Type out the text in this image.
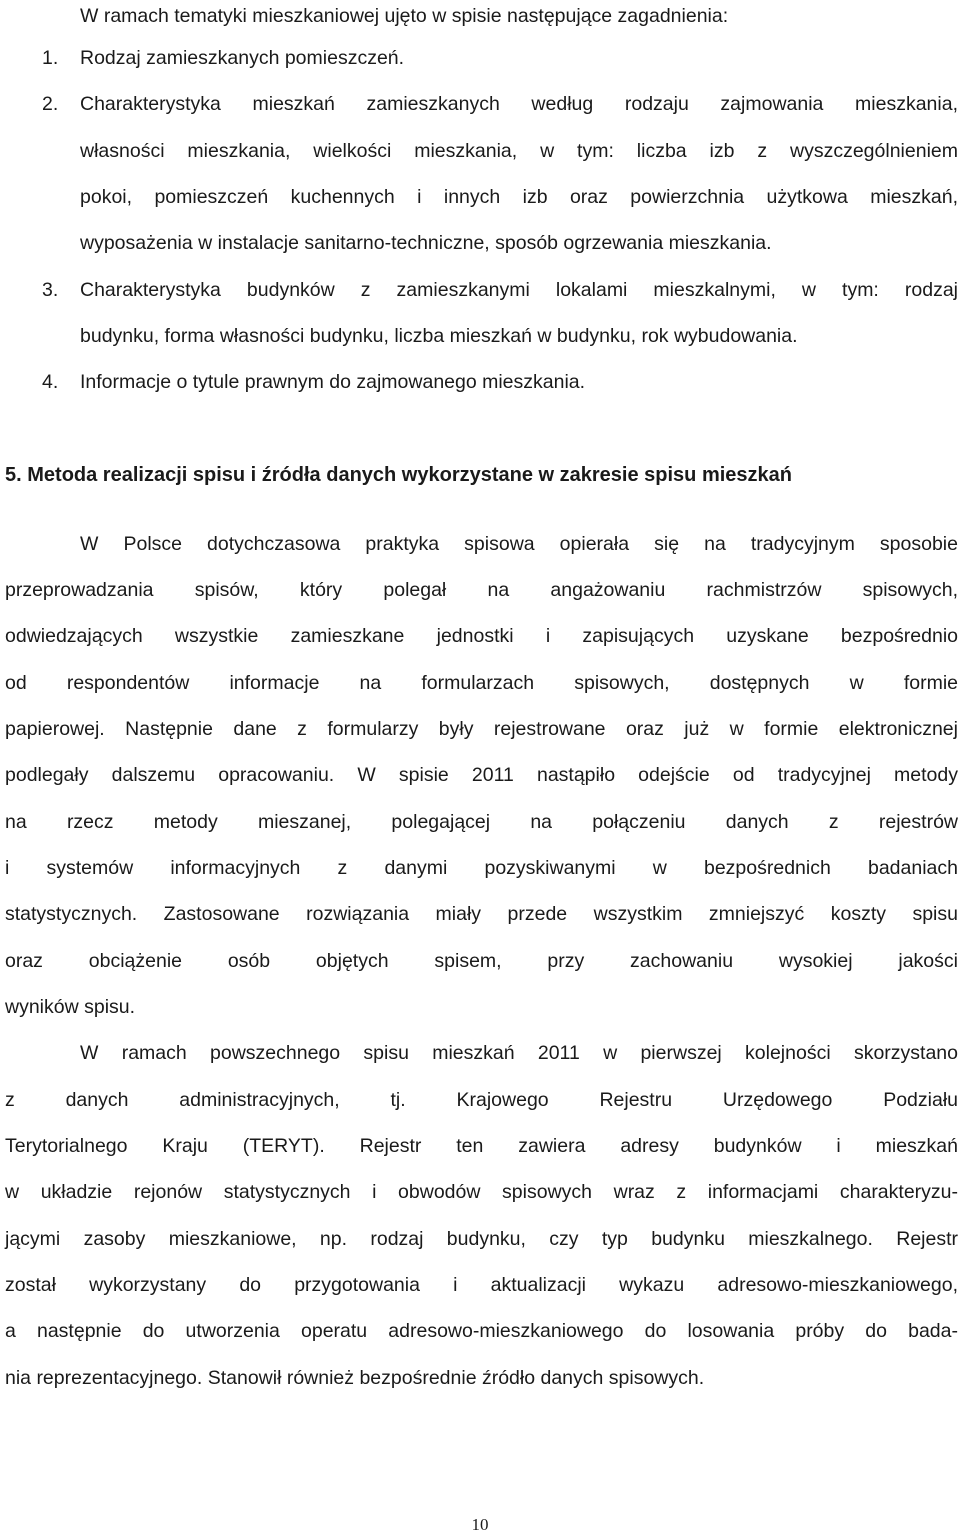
W ramach tematyki mieszkaniowej ujęto w spisie następujące zagadnienia:
1. Rodzaj zamieszkanych pomieszczeń.
2. Charakterystyka mieszkań zamieszkanych według rodzaju zajmowania mieszkania,
własności mieszkania, wielkości mieszkania, w tym: liczba izb z wyszczególnieniem
pokoi, pomieszczeń kuchennych i innych izb oraz powierzchnia użytkowa mieszkań,
wyposażenia w instalacje sanitarno-techniczne, sposób ogrzewania mieszkania.
3. Charakterystyka budynków z zamieszkanymi lokalami mieszkalnymi, w tym: rodzaj
budynku, forma własności budynku, liczba mieszkań w budynku, rok wybudowania.
4. Informacje o tytule prawnym do zajmowanego mieszkania.
5. Metoda realizacji spisu i źródła danych wykorzystane w zakresie spisu mieszkań
W Polsce dotychczasowa praktyka spisowa opierała się na tradycyjnym sposobie
przeprowadzania spisów, który polegał na angażowaniu rachmistrzów spisowych,
odwiedzających wszystkie zamieszkane jednostki i zapisujących uzyskane bezpośrednio
od respondentów informacje na formularzach spisowych, dostępnych w formie
papierowej. Następnie dane z formularzy były rejestrowane oraz już w formie elektronicznej
podlegały dalszemu opracowaniu. W spisie 2011 nastąpiło odejście od tradycyjnej metody
na rzecz metody mieszanej, polegającej na połączeniu danych z rejestrów
i systemów informacyjnych z danymi pozyskiwanymi w bezpośrednich badaniach
statystycznych. Zastosowane rozwiązania miały przede wszystkim zmniejszyć koszty spisu
oraz obciążenie osób objętych spisem, przy zachowaniu wysokiej jakości
wyników spisu.
W ramach powszechnego spisu mieszkań 2011 w pierwszej kolejności skorzystano
z danych administracyjnych, tj. Krajowego Rejestru Urzędowego Podziału
Terytorialnego Kraju (TERYT). Rejestr ten zawiera adresy budynków i mieszkań
w układzie rejonów statystycznych i obwodów spisowych wraz z informacjami charakteryzu-
jącymi zasoby mieszkaniowe, np. rodzaj budynku, czy typ budynku mieszkalnego. Rejestr
został wykorzystany do przygotowania i aktualizacji wykazu adresowo-mieszkaniowego,
a następnie do utworzenia operatu adresowo-mieszkaniowego do losowania próby do bada-
nia reprezentacyjnego. Stanowił również bezpośrednie źródło danych spisowych.
10
